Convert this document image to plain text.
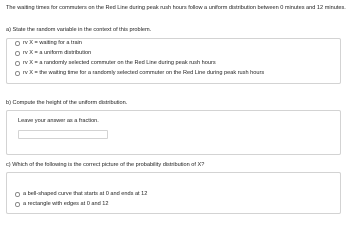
The waiting times for commuters on the Red Line during peak rush hours follow a uniform distribution between 0 minutes and 12 minutes.
a) State the random variable in the context of this problem.
rv X = waiting for a train
rv X = a uniform distribution
rv X = a randomly selected commuter on the Red Line during peak rush hours
rv X = the waiting time for a randomly selected commuter on the Red Line during peak rush hours
b) Compute the height of the uniform distribution.
Leave your answer as a fraction.
c) Which of the following is the correct picture of the probability distribution of X?
a bell-shaped curve that starts at 0 and ends at 12
a rectangle with edges at 0 and 12
